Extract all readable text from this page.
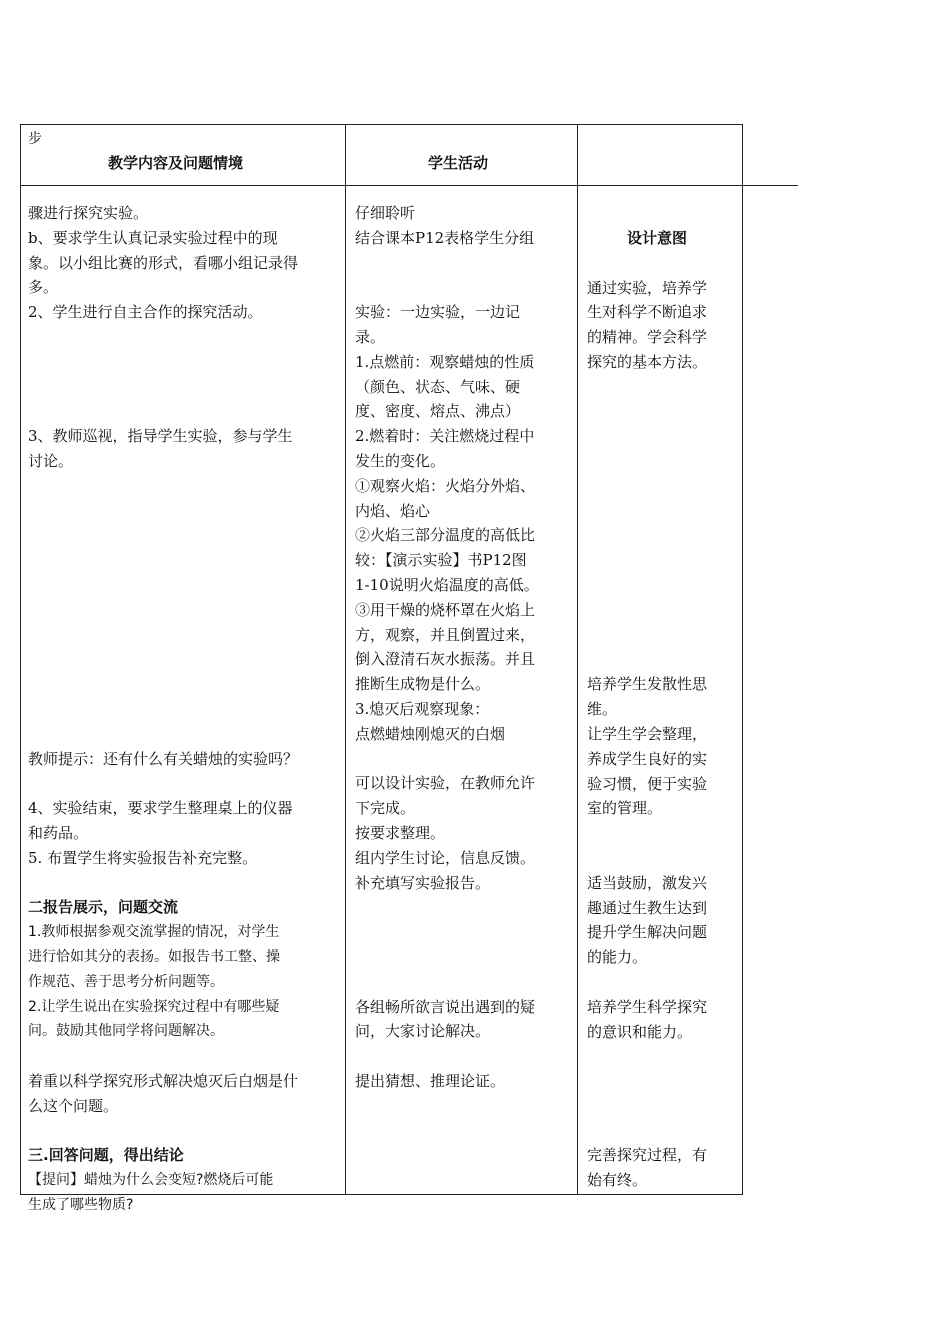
步
教学内容及问题情境	学生活动

骤进行探究实验。

b、要求学生认真记录实验过程中的现

象。以小组比赛的形式，看哪小组记录得

多。

2、学生进行自主合作的探究活动。

3、教师巡视，指导学生实验，参与学生

讨论。

教师提示：还有什么有关蜡烛的实验吗？

4、实验结束，要求学生整理桌上的仪器

和药品。

5. 布置学生将实验报告补充完整。

二报告展示，问题交流

1.教师根据参观交流掌握的情况，对学生

进行恰如其分的表扬。如报告书工整、操

作规范、善于思考分析问题等。

2.让学生说出在实验探究过程中有哪些疑

问。鼓励其他同学将问题解决。

着重以科学探究形式解决熄灭后白烟是什

么这个问题。

三.回答问题，得出结论

【提问】蜡烛为什么会变短?燃烧后可能

生成了哪些物质?

仔细聆听

结合课本P12表格学生分组

实验：一边实验，一边记

录。

1.点燃前：观察蜡烛的性质

（颜色、状态、气味、硬

度、密度、熔点、沸点）

2.燃着时：关注燃烧过程中

发生的变化。

①观察火焰：火焰分外焰、

内焰、焰心

②火焰三部分温度的高低比

较：【演示实验】书P12图

1-10说明火焰温度的高低。

③用干燥的烧杯罩在火焰上

方，观察，并且倒置过来，

倒入澄清石灰水振荡。并且

推断生成物是什么。

3.熄灭后观察现象：

点燃蜡烛刚熄灭的白烟

可以设计实验，在教师允许

下完成。

按要求整理。

组内学生讨论，信息反馈。

补充填写实验报告。

各组畅所欲言说出遇到的疑

问，大家讨论解决。

提出猜想、推理论证。

设计意图

通过实验，培养学

生对科学不断追求

的精神。学会科学

探究的基本方法。

培养学生发散性思

维。

让学生学会整理，

养成学生良好的实

验习惯，便于实验

室的管理。

适当鼓励，激发兴

趣通过生教生达到

提升学生解决问题

的能力。

培养学生科学探究

的意识和能力。

完善探究过程，有

始有终。
